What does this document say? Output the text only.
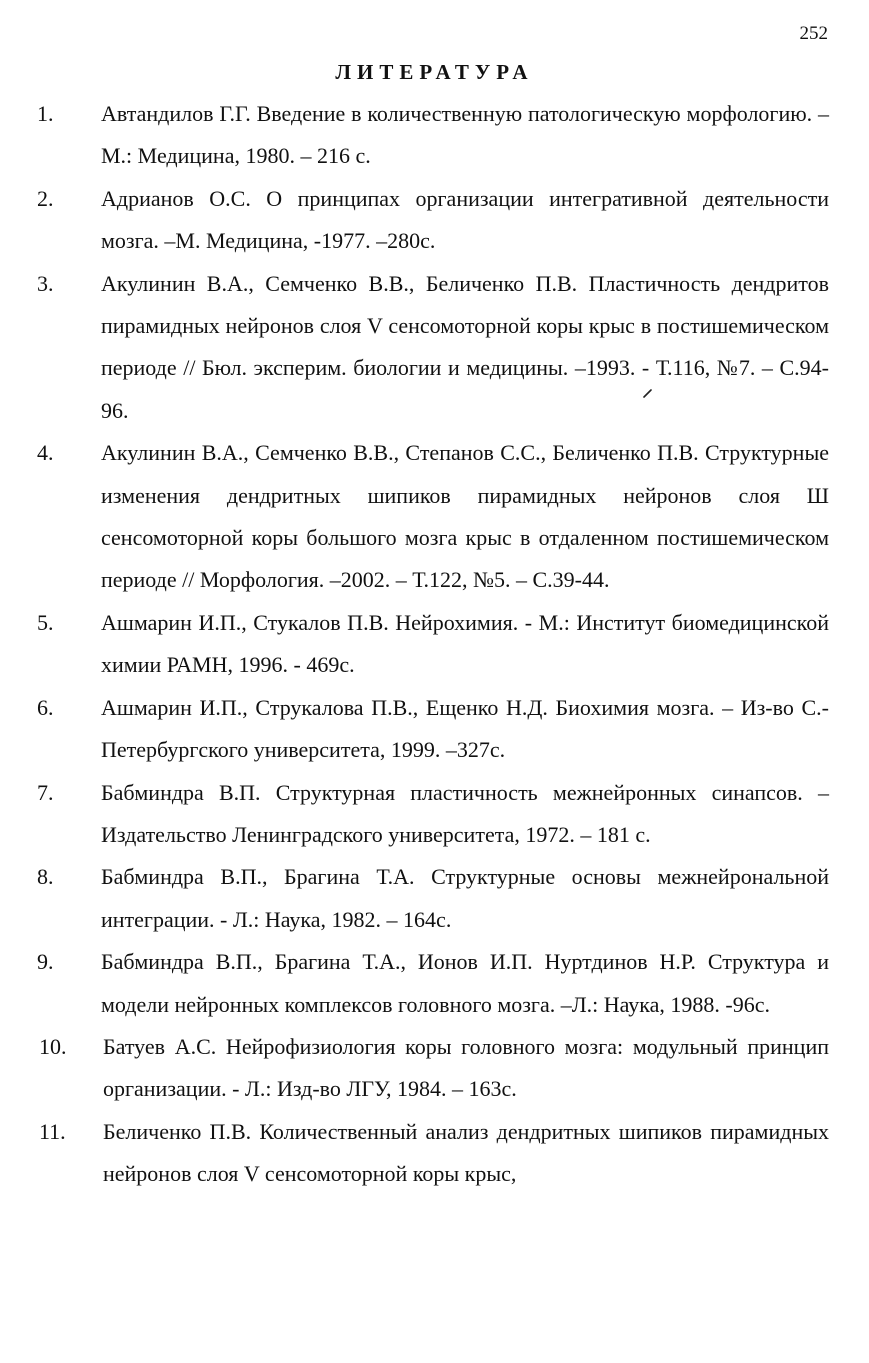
252
ЛИТЕРАТУРА
1. Автандилов Г.Г. Введение в количественную патологическую морфологию. – М.: Медицина, 1980. – 216 с.
2. Адрианов О.С. О принципах организации интегративной деятельности мозга. –М. Медицина, -1977. –280с.
3. Акулинин В.А., Семченко В.В., Беличенко П.В. Пластичность дендритов пирамидных нейронов слоя V сенсомоторной коры крыс в постишемическом периоде // Бюл. эксперим. биологии и медицины. –1993. - Т.116, №7. – С.94-96.
4. Акулинин В.А., Семченко В.В., Степанов С.С., Беличенко П.В. Структурные изменения дендритных шипиков пирамидных нейронов слоя Ш сенсомоторной коры большого мозга крыс в отдаленном постишемическом периоде // Морфология. –2002. – Т.122, №5. – С.39-44.
5. Ашмарин И.П., Стукалов П.В. Нейрохимия. - М.: Институт биомедицинской химии РАМН, 1996. - 469с.
6. Ашмарин И.П., Струкалова П.В., Ещенко Н.Д. Биохимия мозга. – Из-во С.-Петербургского университета, 1999. –327с.
7. Бабминдра В.П. Структурная пластичность межнейронных синапсов. – Издательство Ленинградского университета, 1972. – 181 с.
8. Бабминдра В.П., Брагина Т.А. Структурные основы межнейрональной интеграции. - Л.: Наука, 1982. – 164с.
9. Бабминдра В.П., Брагина Т.А., Ионов И.П. Нуртдинов Н.Р. Структура и модели нейронных комплексов головного мозга. –Л.: Наука, 1988. -96с.
10. Батуев А.С. Нейрофизиология коры головного мозга: модульный принцип организации. - Л.: Изд-во ЛГУ, 1984. – 163с.
11. Беличенко П.В. Количественный анализ дендритных шипиков пирамидных нейронов слоя V сенсомоторной коры крыс,
